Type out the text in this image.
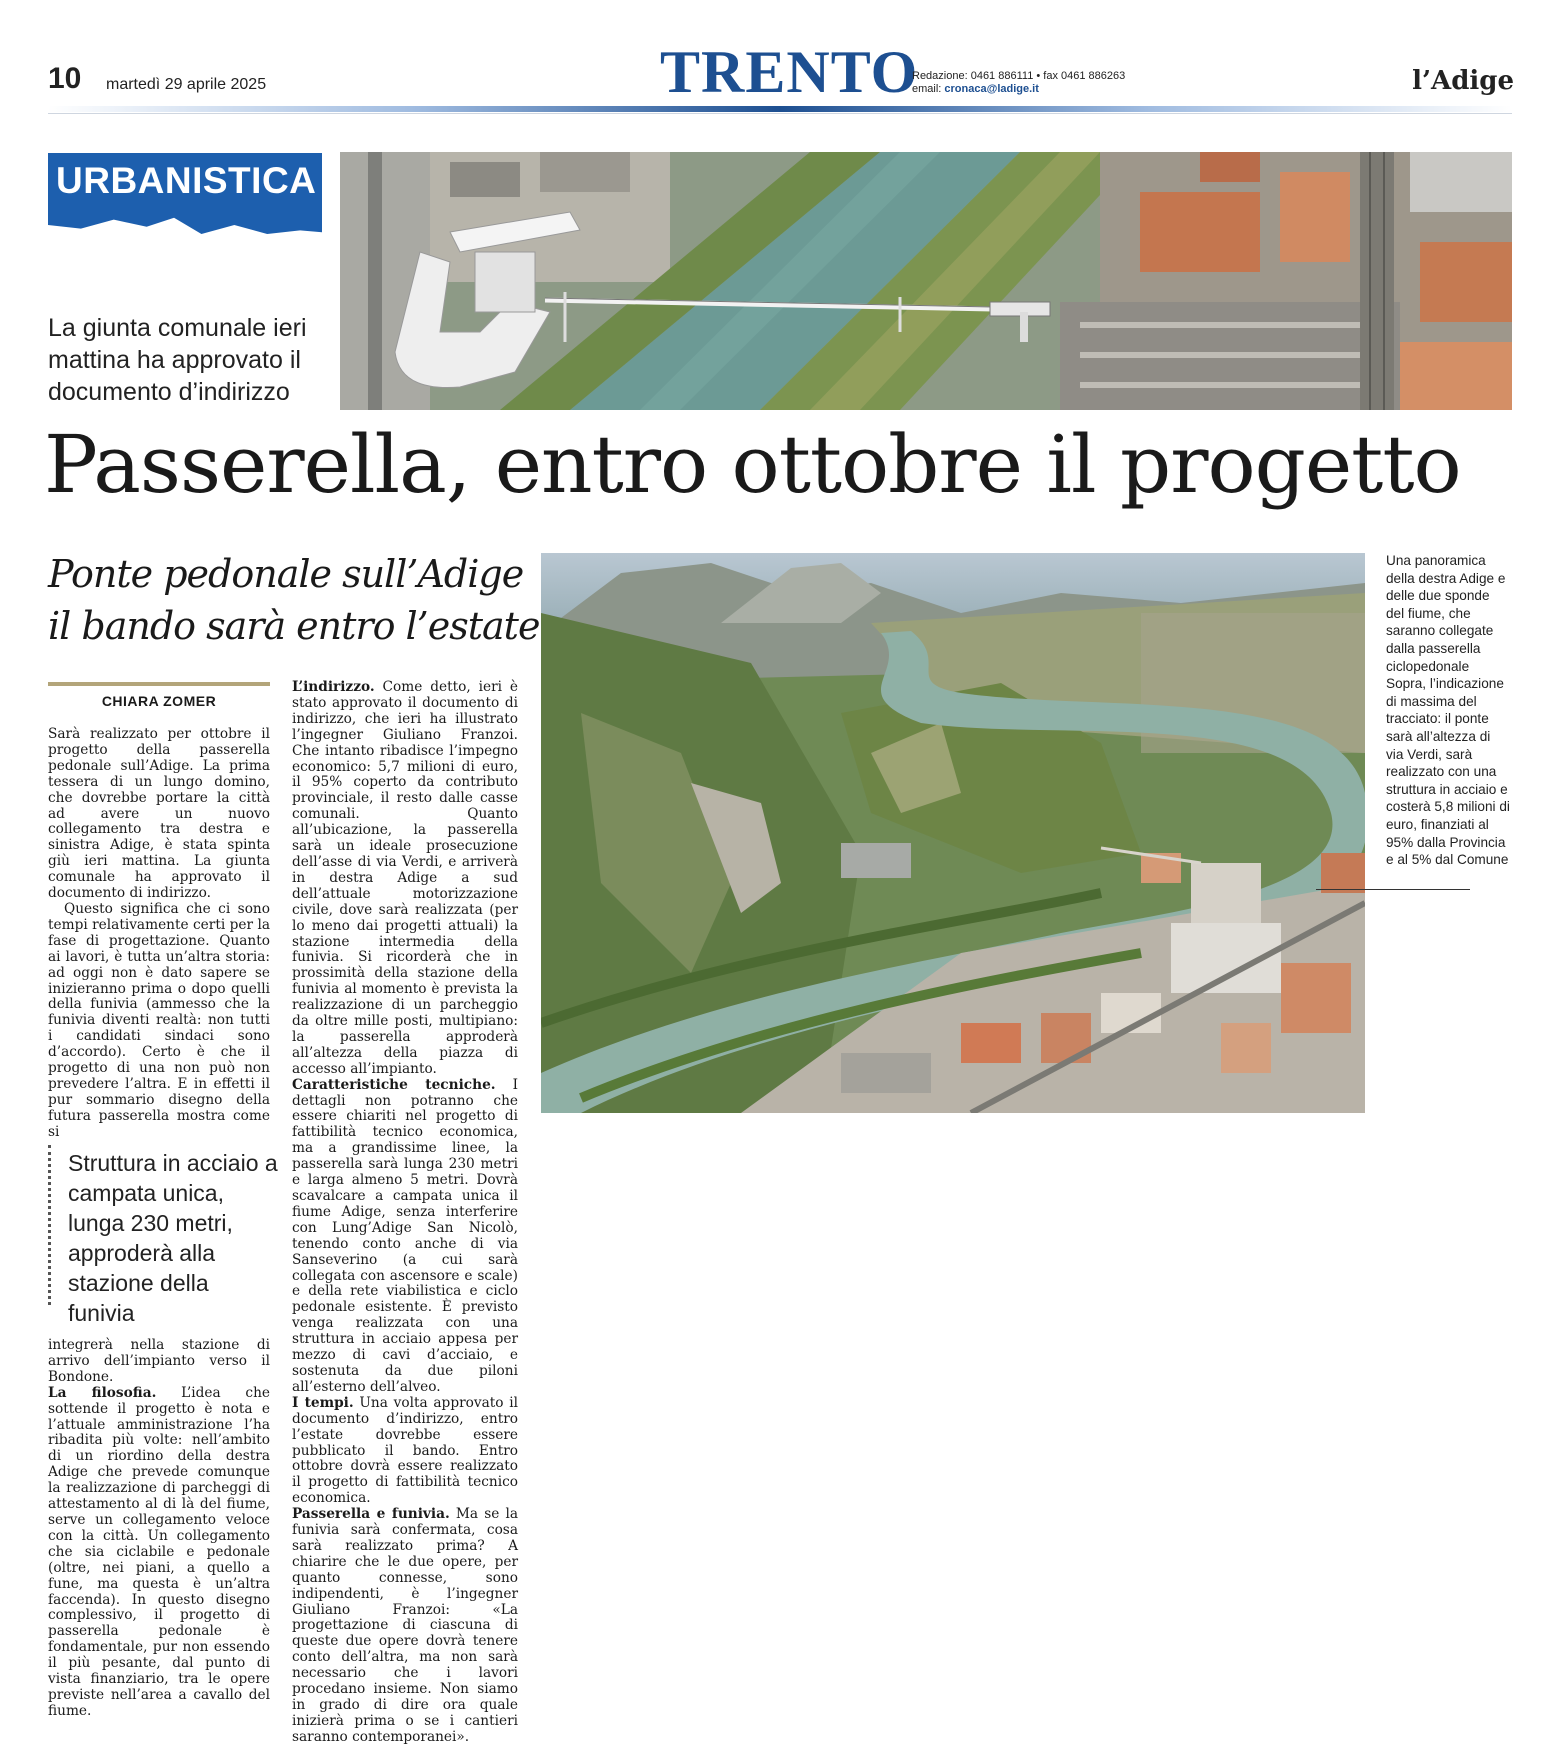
10 martedì 29 aprile 2025	TRENTO
Redazione: 0461 886111 • fax 0461 886263
email: cronaca@ladige.it	l’Adige
URBANISTICA
La giunta comunale ieri mattina ha approvato il documento d’indirizzo
Passerella, entro ottobre il progetto
Ponte pedonale sull’Adige
il bando sarà entro l’estate
CHIARA ZOMER

Sarà realizzato per ottobre il progetto della passerella pedonale sull’Adige. La prima tessera di un lungo domino, che dovrebbe portare la città ad avere un nuovo collegamento tra destra e sinistra Adige, è stata spinta giù ieri mattina. La giunta comunale ha approvato il documento di indirizzo.

Questo significa che ci sono tempi relativamente certi per la fase di progettazione. Quanto ai lavori, è tutta un’altra storia: ad oggi non è dato sapere se inizieranno prima o dopo quelli della funivia (ammesso che la funivia diventi realtà: non tutti i candidati sindaci sono d’accordo). Certo è che il progetto di una non può non prevedere l’altra. E in effetti il pur sommario disegno della futura passerella mostra come si

Struttura in acciaio a campata unica, lunga 230 metri, approderà alla stazione della funivia

integrerà nella stazione di arrivo dell’impianto verso il Bondone.

La filosofia. L’idea che sottende il progetto è nota e l’attuale amministrazione l’ha ribadita più volte: nell’ambito di un riordino della destra Adige che prevede comunque la realizzazione di parcheggi di attestamento al di là del fiume, serve un collegamento veloce con la città. Un collegamento che sia ciclabile e pedonale (oltre, nei piani, a quello a fune, ma questa è un’altra faccenda). In questo disegno complessivo, il progetto di passerella pedonale è fondamentale, pur non essendo il più pesante, dal punto di vista finanziario, tra le opere previste nell’area a cavallo del fiume.

L’indirizzo. Come detto, ieri è stato approvato il documento di indirizzo, che ieri ha illustrato l’ingegner Giuliano Franzoi. Che intanto ribadisce l’impegno economico: 5,7 milioni di euro, il 95% coperto da contributo provinciale, il resto dalle casse comunali. Quanto all’ubicazione, la passerella sarà un ideale prosecuzione dell’asse di via Verdi, e arriverà in destra Adige a sud dell’attuale motorizzazione civile, dove sarà realizzata (per lo meno dai progetti attuali) la stazione intermedia della funivia. Si ricorderà che in prossimità della stazione della funivia al momento è prevista la realizzazione di un parcheggio da oltre mille posti, multipiano: la passerella approderà all’altezza della piazza di accesso all’impianto.

Caratteristiche tecniche. I dettagli non potranno che essere chiariti nel progetto di fattibilità tecnico economica, ma a grandissime linee, la passerella sarà lunga 230 metri e larga almeno 5 metri. Dovrà scavalcare a campata unica il fiume Adige, senza interferire con Lung’Adige San Nicolò, tenendo conto anche di via Sanseverino (a cui sarà collegata con ascensore e scale) e della rete viabilistica e ciclo pedonale esistente. È previsto venga realizzata con una struttura in acciaio appesa per mezzo di cavi d’acciaio, e sostenuta da due piloni all’esterno dell’alveo.

I tempi. Una volta approvato il documento d’indirizzo, entro l’estate dovrebbe essere pubblicato il bando. Entro ottobre dovrà essere realizzato il progetto di fattibilità tecnico economica.

Passerella e funivia. Ma se la funivia sarà confermata, cosa sarà realizzato prima? A chiarire che le due opere, per quanto connesse, sono indipendenti, è l’ingegner Giuliano Franzoi: «La progettazione di ciascuna di queste due opere dovrà tenere conto dell’altra, ma non sarà necessario che i lavori procedano insieme. Non siamo in grado di dire ora quale inizierà prima o se i cantieri saranno contemporanei».

Una panoramica della destra Adige e delle due sponde del fiume, che saranno collegate dalla passerella ciclopedonale Sopra, l’indicazione di massima del tracciato: il ponte sarà all’altezza di via Verdi, sarà realizzato con una struttura in acciaio e costerà 5,8 milioni di euro, finanziati al 95% dalla Provincia e al 5% dal Comune
